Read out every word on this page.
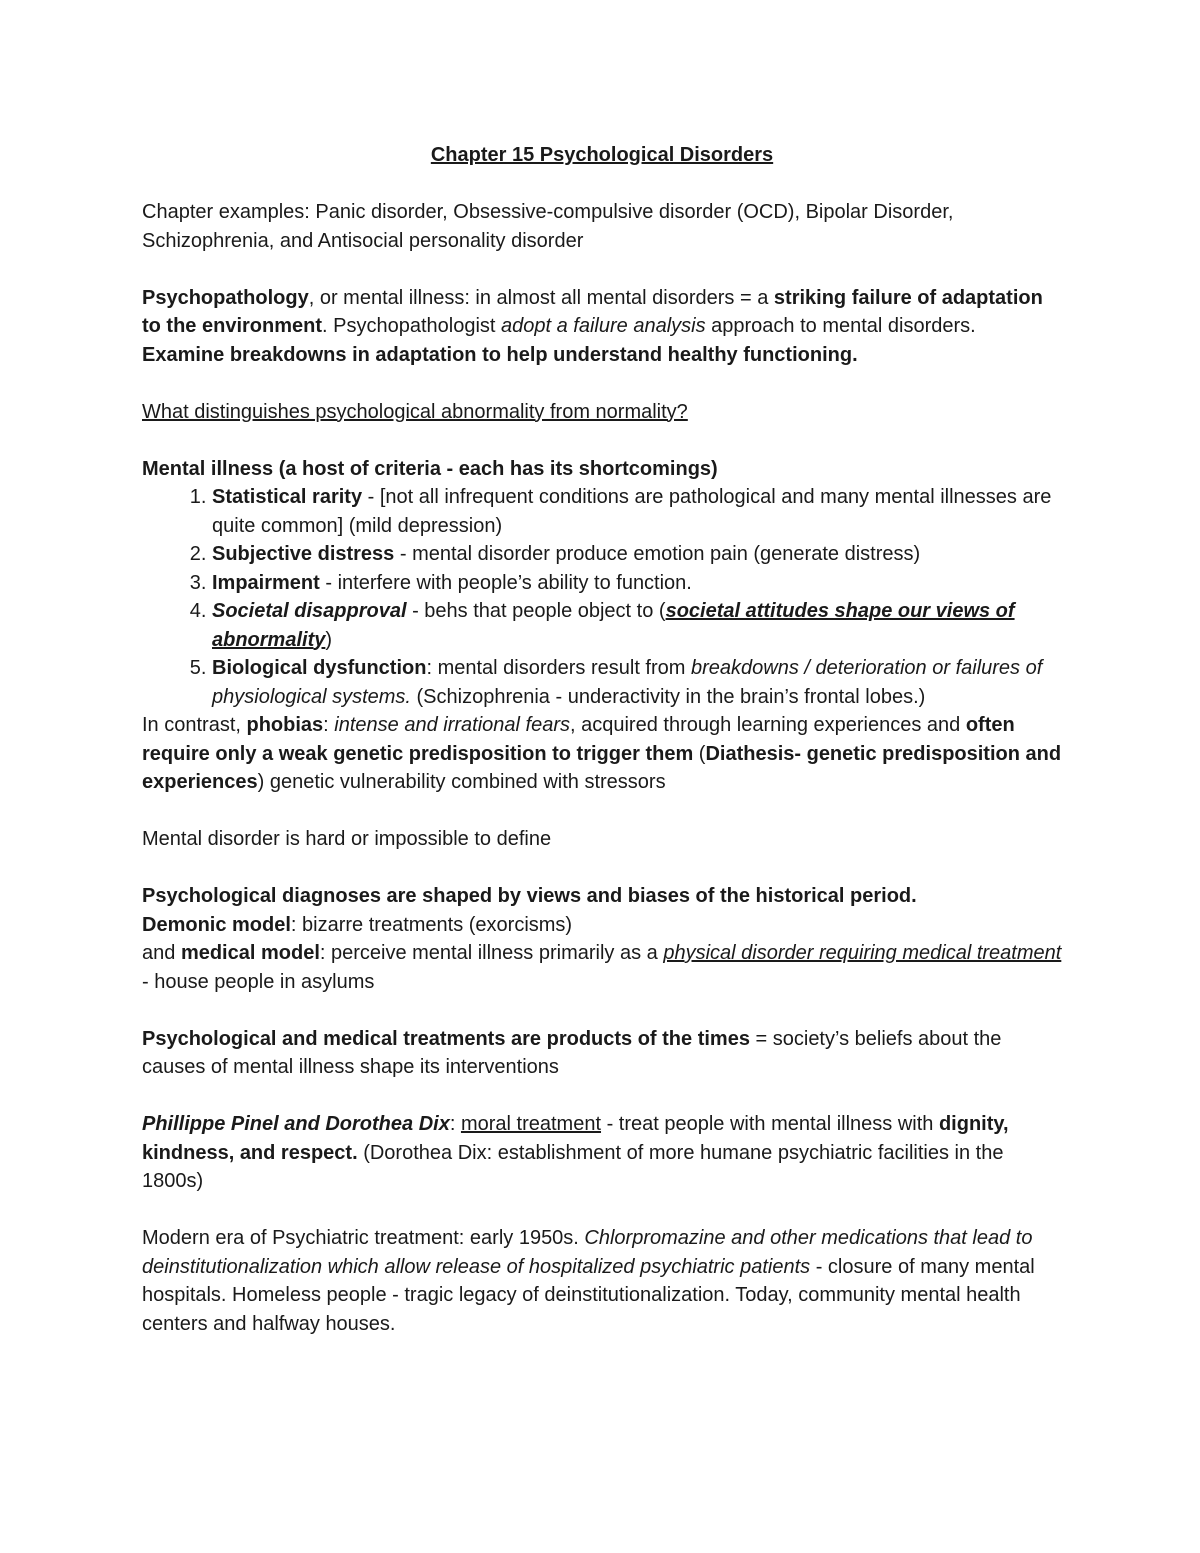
Chapter 15 Psychological Disorders

Chapter examples: Panic disorder, Obsessive-compulsive disorder (OCD), Bipolar Disorder, Schizophrenia, and Antisocial personality disorder

Psychopathology, or mental illness: in almost all mental disorders = a striking failure of adaptation to the environment. Psychopathologist adopt a failure analysis approach to mental disorders. Examine breakdowns in adaptation to help understand healthy functioning.

What distinguishes psychological abnormality from normality?

Mental illness (a host of criteria - each has its shortcomings)

1. Statistical rarity - [not all infrequent conditions are pathological and many mental illnesses are quite common] (mild depression)
2. Subjective distress - mental disorder produce emotion pain (generate distress)
3. Impairment - interfere with people’s ability to function.
4. Societal disapproval - behs that people object to (societal attitudes shape our views of abnormality)
5. Biological dysfunction: mental disorders result from breakdowns / deterioration or failures of physiological systems. (Schizophrenia - underactivity in the brain’s frontal lobes.)

In contrast, phobias: intense and irrational fears, acquired through learning experiences and often require only a weak genetic predisposition to trigger them (Diathesis- genetic predisposition and experiences) genetic vulnerability combined with stressors

Mental disorder is hard or impossible to define

Psychological diagnoses are shaped by views and biases of the historical period.

Demonic model: bizarre treatments (exorcisms)

and medical model: perceive mental illness primarily as a physical disorder requiring medical treatment - house people in asylums

Psychological and medical treatments are products of the times = society’s beliefs about the causes of mental illness shape its interventions

Phillippe Pinel and Dorothea Dix: moral treatment - treat people with mental illness with dignity, kindness, and respect. (Dorothea Dix: establishment of more humane psychiatric facilities in the 1800s)

Modern era of Psychiatric treatment: early 1950s. Chlorpromazine and other medications that lead to deinstitutionalization which allow release of hospitalized psychiatric patients - closure of many mental hospitals. Homeless people - tragic legacy of deinstitutionalization. Today, community mental health centers and halfway houses.
